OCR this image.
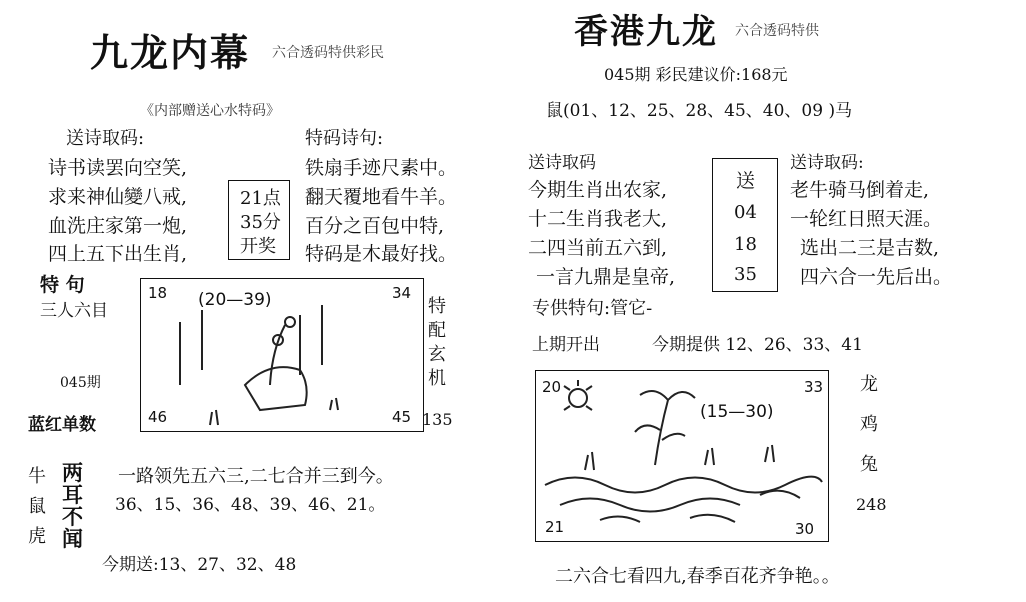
九龙内幕 六合透码特供彩民
《内部赠送心水特码》
送诗取码:	特码诗句:
诗书读罢向空笑,
求来神仙變八戒,
血洗庄家第一炮,
四上五下出生肖,
21点
35分
开奖
铁扇手迹尺素中。
翻天覆地看牛羊。
百分之百包中特,
特码是木最好找。
特 句
三人六目
045期
蓝红单数
18	34
46	45
(20—39)	特
配
玄
机
135
牛
鼠
虎
两耳不闻
一路领先五六三,二七合并三到今。
36、15、36、48、39、46、21。
今期送:13、27、32、48
香港九龙 六合透码特供
045期 彩民建议价:168元
鼠(01、12、25、28、45、40、09 )马
送诗取码	送诗取码:
今期生肖出农家,
十二生肖我老大,
二四当前五六到,
一言九鼎是皇帝,
送
04
18
35
老牛骑马倒着走,
一轮红日照天涯。
选出二三是吉数,
四六合一先后出。
专供特句:管它-
上期开出	今期提供 12、26、33、41
20	33
21	30
(15—30)
龙
鸡
兔
248
二六合七看四九,春季百花齐争艳。。
